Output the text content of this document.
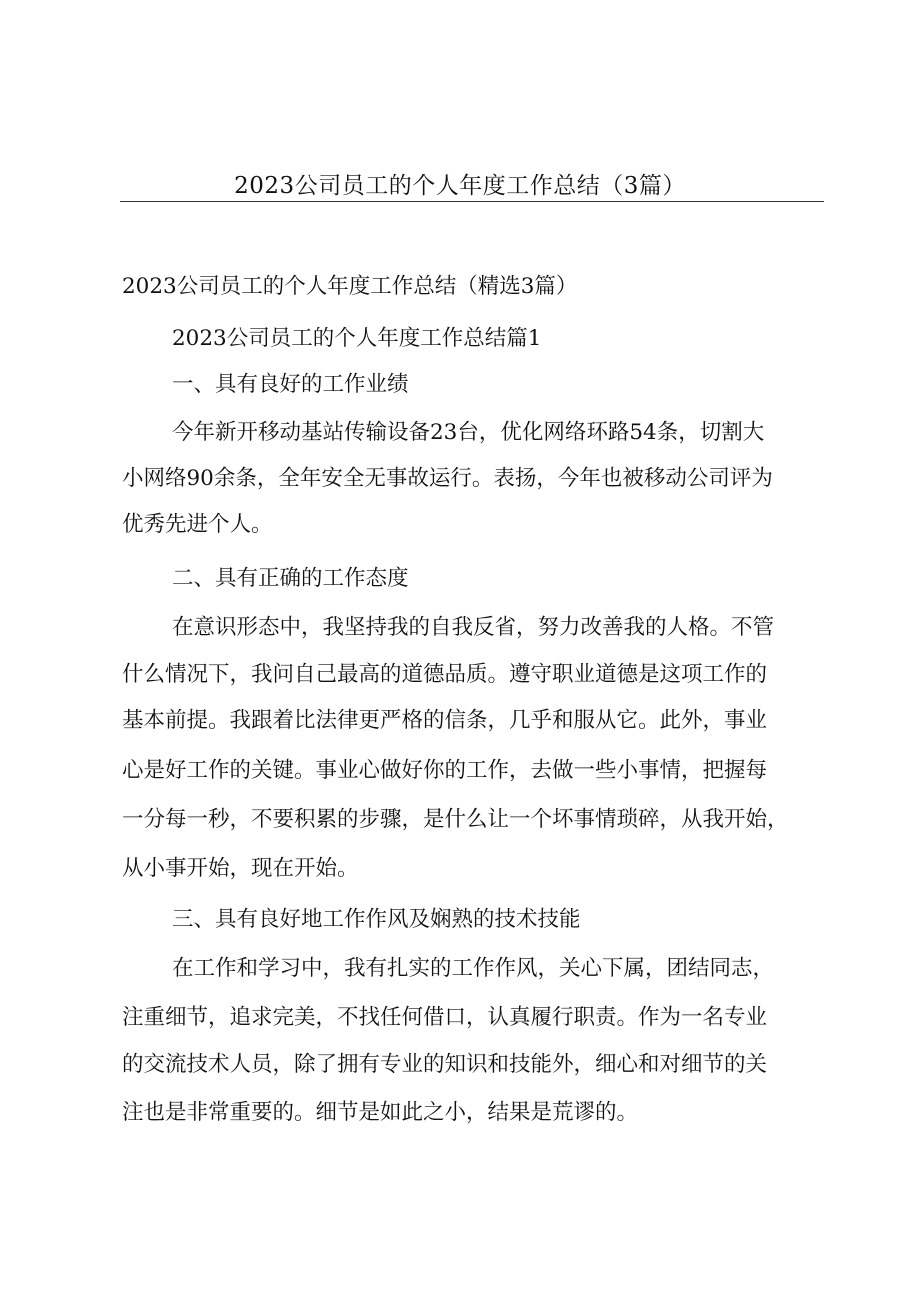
2023公司员工的个人年度工作总结（3篇）

2023公司员工的个人年度工作总结（精选3篇）

2023公司员工的个人年度工作总结篇1

一、具有良好的工作业绩

今年新开移动基站传输设备23台，优化网络环路54条，切割大

小网络90余条，全年安全无事故运行。表扬，今年也被移动公司评为

优秀先进个人。

二、具有正确的工作态度

在意识形态中，我坚持我的自我反省，努力改善我的人格。不管

什么情况下，我问自己最高的道德品质。遵守职业道德是这项工作的

基本前提。我跟着比法律更严格的信条，几乎和服从它。此外，事业

心是好工作的关键。事业心做好你的工作，去做一些小事情，把握每

一分每一秒，不要积累的步骤，是什么让一个坏事情琐碎，从我开始，

从小事开始，现在开始。

三、具有良好地工作作风及娴熟的技术技能

在工作和学习中，我有扎实的工作作风，关心下属，团结同志，

注重细节，追求完美，不找任何借口，认真履行职责。作为一名专业

的交流技术人员，除了拥有专业的知识和技能外，细心和对细节的关

注也是非常重要的。细节是如此之小，结果是荒谬的。
